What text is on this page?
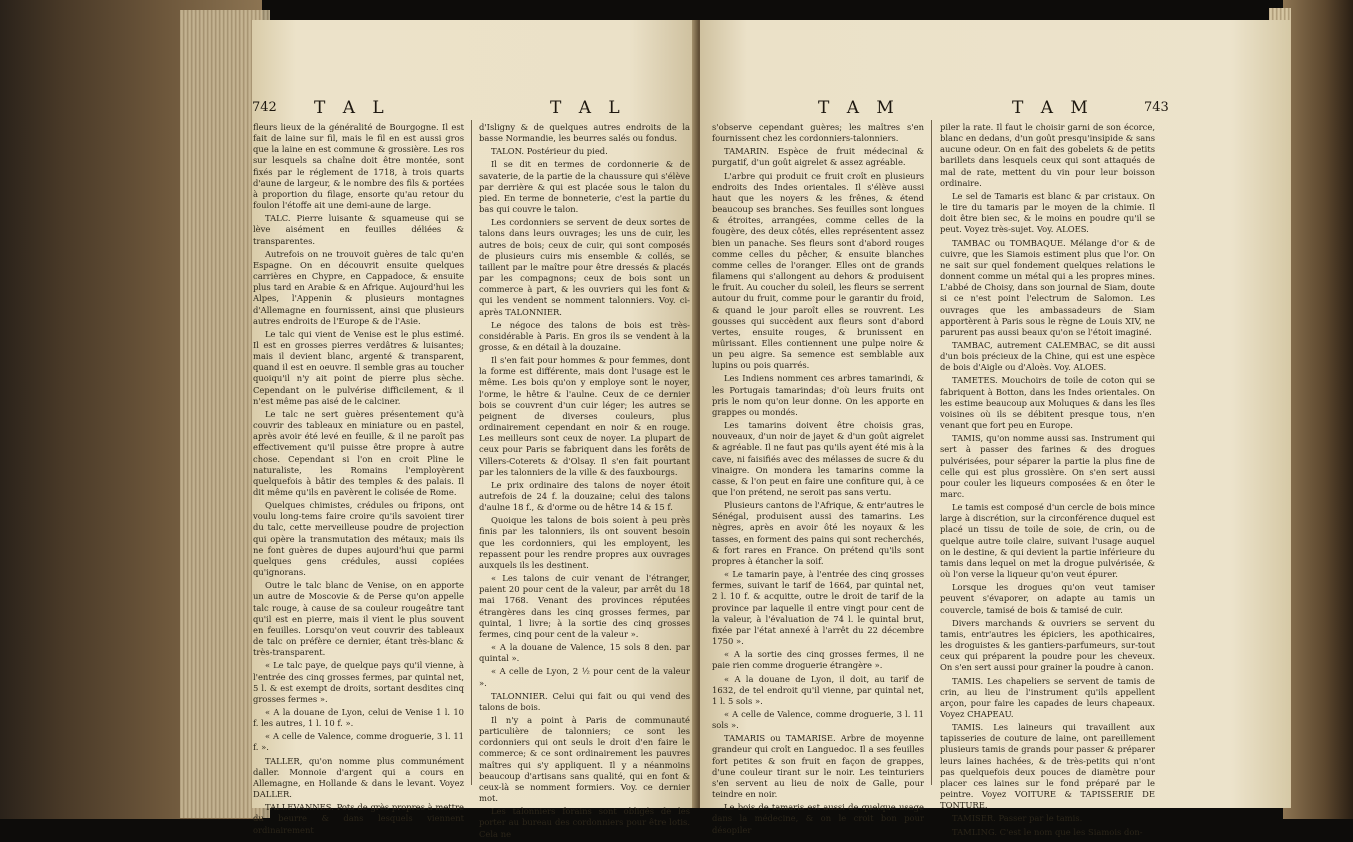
742 T A L	T A L

fleurs lieux de la généralité de Bourgogne. Il est fait de laine sur fil, mais le fil en est aussi gros que la laine en est commune & grossière. Les ros sur lesquels sa chaîne doit être montée, sont fixés par le réglement de 1718, à trois quarts d'aune de largeur, & le nombre des fils & portées à proportion du filage, ensorte qu'au retour du foulon l'étoffe ait une demi-aune de large.

TALC. Pierre luisante & squameuse qui se lève aisément en feuilles déliées & transparentes.

Autrefois on ne trouvoit guères de talc qu'en Espagne. On en découvrit ensuite quelques carrières en Chypre, en Cappadoce, & ensuite plus tard en Arabie & en Afrique. Aujourd'hui les Alpes, l'Appenin & plusieurs montagnes d'Allemagne en fournissent, ainsi que plusieurs autres endroits de l'Europe & de l'Asie.

Le talc qui vient de Venise est le plus estimé. Il est en grosses pierres verdâtres & luisantes; mais il devient blanc, argenté & transparent, quand il est en oeuvre. Il semble gras au toucher quoiqu'il n'y ait point de pierre plus sèche. Cependant on le pulvérise difficilement, & il n'est même pas aisé de le calciner.

Le talc ne sert guères présentement qu'à couvrir des tableaux en miniature ou en pastel, après avoir été levé en feuille, & il ne paroît pas effectivement qu'il puisse être propre à autre chose. Cependant si l'on en croit Pline le naturaliste, les Romains l'employèrent quelquefois à bâtir des temples & des palais. Il dit même qu'ils en pavèrent le colisée de Rome.

Quelques chimistes, crédules ou fripons, ont voulu long-tems faire croire qu'ils savoient tirer du talc, cette merveilleuse poudre de projection qui opère la transmutation des métaux; mais ils ne font guères de dupes aujourd'hui que parmi quelques gens crédules, aussi copiées qu'ignorans.

Outre le talc blanc de Venise, on en apporte un autre de Moscovie & de Perse qu'on appelle talc rouge, à cause de sa couleur rougeâtre tant qu'il est en pierre, mais il vient le plus souvent en feuilles. Lorsqu'on veut couvrir des tableaux de talc on préfère ce dernier, étant très-blanc & très-transparent.

« Le talc paye, de quelque pays qu'il vienne, à l'entrée des cinq grosses fermes, par quintal net, 5 l. & est exempt de droits, sortant desdites cinq grosses fermes ».

« A la douane de Lyon, celui de Venise 1 l. 10 f. les autres, 1 l. 10 f. ».

« A celle de Valence, comme droguerie, 3 l. 11 f. ».

TALLER, qu'on nomme plus communément daller. Monnoie d'argent qui a cours en Allemagne, en Hollande & dans le levant. Voyez DALLER.

TALLEVANNES. Pots de grès propres à mettre du beurre & dans lesquels viennent ordinairement

d'Isligny & de quelques autres endroits de la basse Normandie, les beurres salés ou fondus.

TALON. Postérieur du pied.

Il se dit en termes de cordonnerie & de savaterie, de la partie de la chaussure qui s'élève par derrière & qui est placée sous le talon du pied. En terme de bonneterie, c'est la partie du bas qui couvre le talon.

Les cordonniers se servent de deux sortes de talons dans leurs ouvrages; les uns de cuir, les autres de bois; ceux de cuir, qui sont composés de plusieurs cuirs mis ensemble & collés, se taillent par le maître pour être dressés & placés par les compagnons; ceux de bois sont un commerce à part, & les ouvriers qui les font & qui les vendent se nomment talonniers. Voy. ci-après TALONNIER.

Le négoce des talons de bois est très-considérable à Paris. En gros ils se vendent à la grosse, & en détail à la douzaine.

Il s'en fait pour hommes & pour femmes, dont la forme est différente, mais dont l'usage est le même. Les bois qu'on y employe sont le noyer, l'orme, le hêtre & l'aulne. Ceux de ce dernier bois se couvrent d'un cuir léger; les autres se peignent de diverses couleurs, plus ordinairement cependant en noir & en rouge. Les meilleurs sont ceux de noyer. La plupart de ceux pour Paris se fabriquent dans les forêts de Villers-Coterets & d'Olsay. Il s'en fait pourtant par les talonniers de la ville & des fauxbourgs.

Le prix ordinaire des talons de noyer étoit autrefois de 24 f. la douzaine; celui des talons d'aulne 18 f., & d'orme ou de hêtre 14 & 15 f.

Quoique les talons de bois soient à peu près finis par les talonniers, ils ont souvent besoin que les cordonniers, qui les employent, les repassent pour les rendre propres aux ouvrages auxquels ils les destinent.

« Les talons de cuir venant de l'étranger, paient 20 pour cent de la valeur, par arrêt du 18 mai 1768. Venant des provinces réputées étrangères dans les cinq grosses fermes, par quintal, 1 livre; à la sortie des cinq grosses fermes, cinq pour cent de la valeur ».

« A la douane de Valence, 15 sols 8 den. par quintal ».

« A celle de Lyon, 2 ½ pour cent de la valeur ».

TALONNIER. Celui qui fait ou qui vend des talons de bois.

Il n'y a point à Paris de communauté particulière de talonniers; ce sont les cordonniers qui ont seuls le droit d'en faire le commerce; & ce sont ordinairement les pauvres maîtres qui s'y appliquent. Il y a néanmoins beaucoup d'artisans sans qualité, qui en font & ceux-là se nomment formiers. Voy. ce dernier mot.

Les talonniers forains sont obligés de les porter au bureau des cordonniers pour être lotis. Cela ne

T A M	T A M	743

s'observe cependant guères; les maîtres s'en fournissent chez les cordonniers-talonniers.

TAMARIN. Espèce de fruit médecinal & purgatif, d'un goût aigrelet & assez agréable.

L'arbre qui produit ce fruit croît en plusieurs endroits des Indes orientales. Il s'élève aussi haut que les noyers & les frênes, & étend beaucoup ses branches. Ses feuilles sont longues & étroites, arrangées, comme celles de la fougère, des deux côtés, elles représentent assez bien un panache. Ses fleurs sont d'abord rouges comme celles du pêcher, & ensuite blanches comme celles de l'oranger. Elles ont de grands filamens qui s'allongent au dehors & produisent le fruit. Au coucher du soleil, les fleurs se serrent autour du fruit, comme pour le garantir du froid, & quand le jour paroît elles se rouvrent. Les gousses qui succèdent aux fleurs sont d'abord vertes, ensuite rouges, & brunissent en mûrissant. Elles contiennent une pulpe noire & un peu aigre. Sa semence est semblable aux lupins ou pois quarrés.

Les Indiens nomment ces arbres tamarindi, & les Portugais tamarindas; d'où leurs fruits ont pris le nom qu'on leur donne. On les apporte en grappes ou mondés.

Les tamarins doivent être choisis gras, nouveaux, d'un noir de jayet & d'un goût aigrelet & agréable. Il ne faut pas qu'ils ayent été mis à la cave, ni faisifiés avec des mélasses de sucre & du vinaigre. On mondera les tamarins comme la casse, & l'on peut en faire une confiture qui, à ce que l'on prétend, ne seroit pas sans vertu.

Plusieurs cantons de l'Afrique, & entr'autres le Sénégal, produisent aussi des tamarins. Les nègres, après en avoir ôté les noyaux & les tasses, en forment des pains qui sont recherchés, & fort rares en France. On prétend qu'ils sont propres à étancher la soif.

« Le tamarin paye, à l'entrée des cinq grosses fermes, suivant le tarif de 1664, par quintal net, 2 l. 10 f. & acquitte, outre le droit de tarif de la province par laquelle il entre vingt pour cent de la valeur, à l'évaluation de 74 l. le quintal brut, fixée par l'état annexé à l'arrêt du 22 décembre 1750 ».

« A la sortie des cinq grosses fermes, il ne paie rien comme droguerie étrangère ».

« A la douane de Lyon, il doit, au tarif de 1632, de tel endroit qu'il vienne, par quintal net, 1 l. 5 sols ».

« A celle de Valence, comme droguerie, 3 l. 11 sols ».

TAMARIS ou TAMARISE. Arbre de moyenne grandeur qui croît en Languedoc. Il a ses feuilles fort petites & son fruit en façon de grappes, d'une couleur tirant sur le noir. Les teinturiers s'en servent au lieu de noix de Galle, pour teindre en noir.

Le bois de tamaris est aussi de quelque usage dans la médecine, & on le croit bon pour désopiler

piler la rate. Il faut le choisir garni de son écorce, blanc en dedans, d'un goût presqu'insipide & sans aucune odeur. On en fait des gobelets & de petits barillets dans lesquels ceux qui sont attaqués de mal de rate, mettent du vin pour leur boisson ordinaire.

Le sel de Tamaris est blanc & par cristaux. On le tire du tamaris par le moyen de la chimie. Il doit être bien sec, & le moins en poudre qu'il se peut. Voyez très-sujet. Voy. ALOES.

TAMBAC ou TOMBAQUE. Mélange d'or & de cuivre, que les Siamois estiment plus que l'or. On ne sait sur quel fondement quelques relations le donnent comme un métal qui a les propres mines. L'abbé de Choisy, dans son journal de Siam, doute si ce n'est point l'electrum de Salomon. Les ouvrages que les ambassadeurs de Siam apportèrent à Paris sous le règne de Louis XIV, ne parurent pas aussi beaux qu'on se l'étoit imaginé.

TAMBAC, autrement CALEMBAC, se dit aussi d'un bois précieux de la Chine, qui est une espèce de bois d'Aigle ou d'Aloès. Voy. ALOES.

TAMETES. Mouchoirs de toile de coton qui se fabriquent à Botton, dans les Indes orientales. On les estime beaucoup aux Moluques & dans les îles voisines où ils se débitent presque tous, n'en venant que fort peu en Europe.

TAMIS, qu'on nomme aussi sas. Instrument qui sert à passer des farines & des drogues pulvérisées, pour séparer la partie la plus fine de celle qui est plus grossière. On s'en sert aussi pour couler les liqueurs composées & en ôter le marc.

Le tamis est composé d'un cercle de bois mince large à discrétion, sur la circonférence duquel est placé un tissu de toile de soie, de crin, ou de quelque autre toile claire, suivant l'usage auquel on le destine, & qui devient la partie inférieure du tamis dans lequel on met la drogue pulvérisée, & où l'on verse la liqueur qu'on veut épurer.

Lorsque les drogues qu'on veut tamiser peuvent s'évaporer, on adapte au tamis un couvercle, tamisé de bois & tamisé de cuir.

Divers marchands & ouvriers se servent du tamis, entr'autres les épiciers, les apothicaires, les droguistes & les gantiers-parfumeurs, sur-tout ceux qui préparent la poudre pour les cheveux. On s'en sert aussi pour grainer la poudre à canon.

TAMIS. Les chapeliers se servent de tamis de crin, au lieu de l'instrument qu'ils appellent arçon, pour faire les capades de leurs chapeaux. Voyez CHAPEAU.

TAMIS. Les laineurs qui travaillent aux tapisseries de couture de laine, ont pareillement plusieurs tamis de grands pour passer & préparer leurs laines hachées, & de très-petits qui n'ont pas quelquefois deux pouces de diamètre pour placer ces laines sur le fond préparé par le peintre. Voyez VOITURE & TAPISSERIE DE TONTURE.

TAMISER. Passer par le tamis.

TAMLING. C'est le nom que les Siamois don-
